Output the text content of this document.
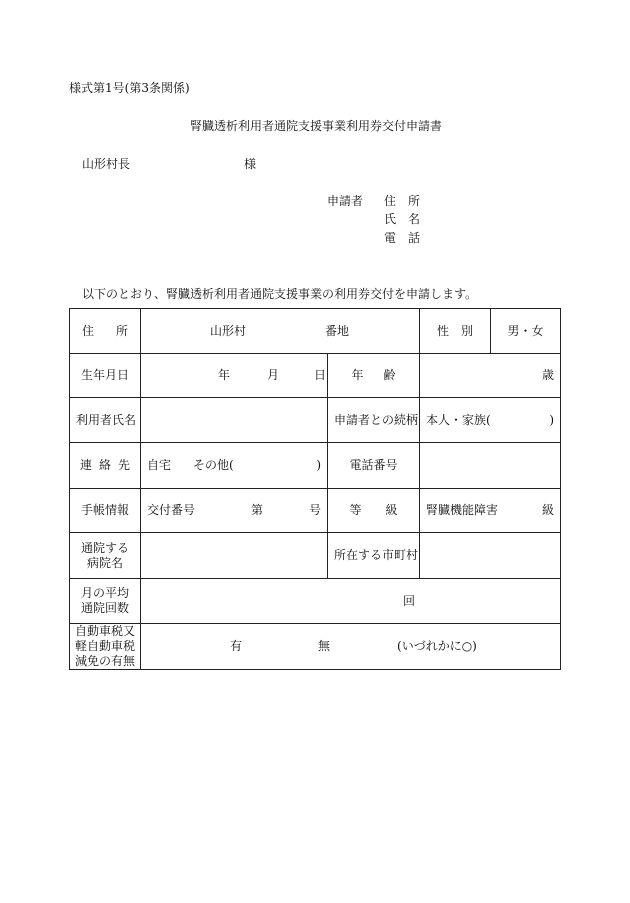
様式第1号(第3条関係)
腎臓透析利用者通院支援事業利用券交付申請書
山形村長	様
申請者 住 所
氏 名
電 話
以下のとおり、腎臓透析利用者通院支援事業の利用券交付を申請します。
住 所	山形村 番地		性 別	男・女
生年月日	年 月 日	年 齢	歳	

利用者氏名		申請者との続柄	本人・家族( )	

連 絡 先	自宅 その他( )	電話番号		
手帳情報	交付番号 第 号	等 級	腎臓機能障害 級	

通院する
病院名		所在する市町村		
月の平均
通院回数	回			

自動車税又
軽自動車税
減免の有無	有 無 (いづれかに○)			
